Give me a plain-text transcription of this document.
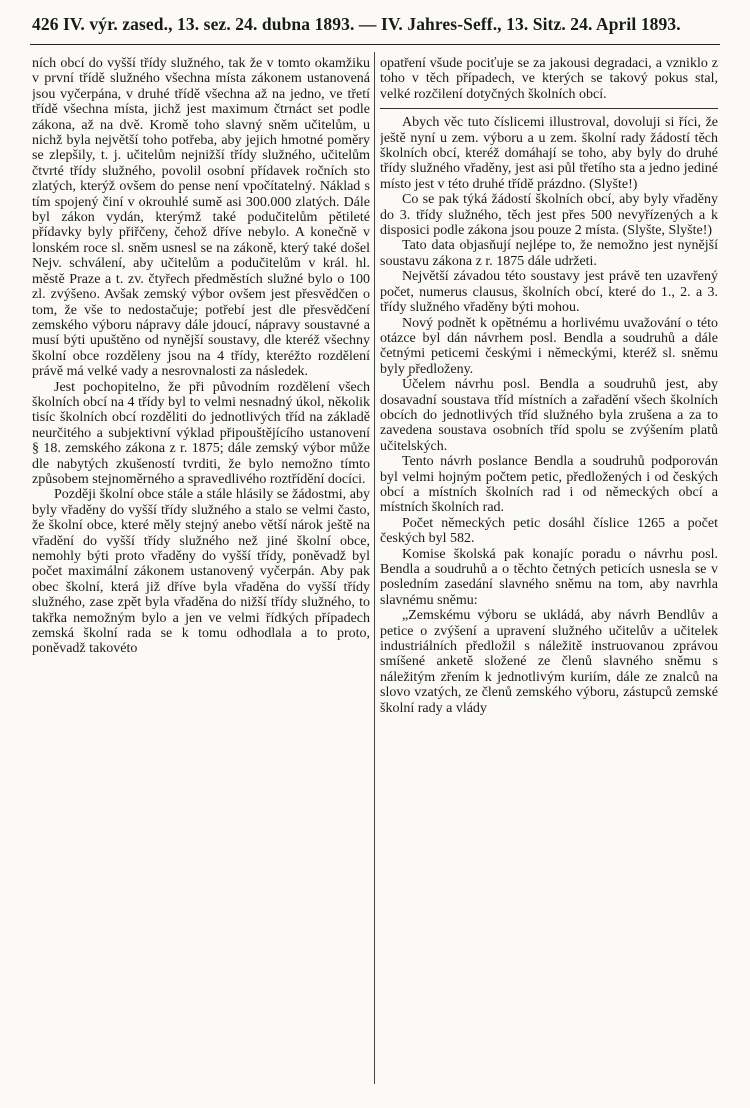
426 IV. výr. zased., 13. sez. 24. dubna 1893. — IV. Jahres-Seff., 13. Sitz. 24. April 1893.

ních obcí do vyšší třídy služného, tak že v tomto okamžiku v první třídě služného všechna místa zákonem ustanovená jsou vyčerpána, v druhé třídě všechna až na jedno, ve třetí třídě všechna místa, jichž jest maximum čtrnáct set podle zákona, až na dvě. Kromě toho slavný sněm učitelům, u nichž byla největší toho potřeba, aby jejich hmotné poměry se zlepšily, t. j. učitelům nejnižší třídy služného, učitelům čtvrté třídy služného, povolil osobní přídavek ročních sto zlatých, kterýž ovšem do pense není vpočítatelný. Náklad s tím spojený činí v okrouhlé sumě asi 300.000 zlatých. Dále byl zákon vydán, kterýmž také podučitelům pětileté přídavky byly přiřčeny, čehož dříve nebylo. A konečně v lonském roce sl. sněm usnesl se na zákoně, který také došel Nejv. schválení, aby učitelům a podučitelům v král. hl. městě Praze a t. zv. čtyřech předměstích služné bylo o 100 zl. zvýšeno. Avšak zemský výbor ovšem jest přesvědčen o tom, že vše to nedostačuje; potřebí jest dle přesvědčení zemského výboru nápravy dále jdoucí, nápravy soustavné a musí býti upuštěno od nynější soustavy, dle kteréž všechny školní obce rozděleny jsou na 4 třídy, kteréžto rozdělení právě má velké vady a nesrovnalosti za následek.

Jest pochopitelno, že při původním rozdělení všech školních obcí na 4 třídy byl to velmi nesnadný úkol, několik tisíc školních obcí rozděliti do jednotlivých tříd na základě neurčitého a subjektivní výklad připouštějícího ustanovení § 18. zemského zákona z r. 1875; dále zemský výbor může dle nabytých zkušeností tvrditi, že bylo nemožno tímto způsobem stejnoměrného a spravedlivého roztřídění docíci.

Později školní obce stále a stále hlásily se žádostmi, aby byly vřaděny do vyšší třídy služného a stalo se velmi často, že školní obce, které měly stejný anebo větší nárok ještě na vřadění do vyšší třídy služného než jiné školní obce, nemohly býti proto vřaděny do vyšší třídy, poněvadž byl počet maximální zákonem ustanovený vyčerpán. Aby pak obec školní, která již dříve byla vřaděna do vyšší třídy služného, zase zpět byla vřaděna do nižší třídy služného, to takřka nemožným bylo a jen ve velmi řídkých případech zemská školní rada se k tomu odhodlala a to proto, poněvadž takovéto

opatření všude pociťuje se za jakousi degradaci, a vzniklo z toho v těch případech, ve kterých se takový pokus stal, velké rozčilení dotyčných školních obcí.

Abych věc tuto číslicemi illustroval, dovoluji si říci, že ještě nyní u zem. výboru a u zem. školní rady žádostí těch školních obcí, kteréž domáhají se toho, aby byly do druhé třídy služného vřaděny, jest asi půl třetího sta a jedno jediné místo jest v této druhé třídě prázdno. (Slyšte!)

Co se pak týká žádostí školních obcí, aby byly vřaděny do 3. třídy služného, těch jest přes 500 nevyřízených a k disposici podle zákona jsou pouze 2 místa. (Slyšte, Slyšte!)

Tato data objasňují nejlépe to, že nemožno jest nynější soustavu zákona z r. 1875 dále udržeti.

Největší závadou této soustavy jest právě ten uzavřený počet, numerus clausus, školních obcí, které do 1., 2. a 3. třídy služného vřaděny býti mohou.

Nový podnět k opětnému a horlivému uvažování o této otázce byl dán návrhem posl. Bendla a soudruhů a dále četnými peticemi českými i německými, kteréž sl. sněmu byly předloženy.

Účelem návrhu posl. Bendla a soudruhů jest, aby dosavadní soustava tříd místních a zařadění všech školních obcích do jednotlivých tříd služného byla zrušena a za to zavedena soustava osobních tříd spolu se zvýšením platů učitelských.

Tento návrh poslance Bendla a soudruhů podporován byl velmi hojným počtem petic, předložených i od českých obcí a místních školních rad i od německých obcí a místních školních rad.

Počet německých petic dosáhl číslice 1265 a počet českých byl 582.

Komise školská pak konajíc poradu o návrhu posl. Bendla a soudruhů a o těchto četných peticích usnesla se v posledním zasedání slavného sněmu na tom, aby navrhla slavnému sněmu:

„Zemskému výboru se ukládá, aby návrh Bendlův a petice o zvýšení a upravení služného učitelův a učitelek industriálních předložil s náležitě instruovanou zprávou smíšené anketě složené ze členů slavného sněmu s náležitým zřením k jednotlivým kuriím, dále ze znalců na slovo vzatých, ze členů zemského výboru, zástupců zemské školní rady a vlády
